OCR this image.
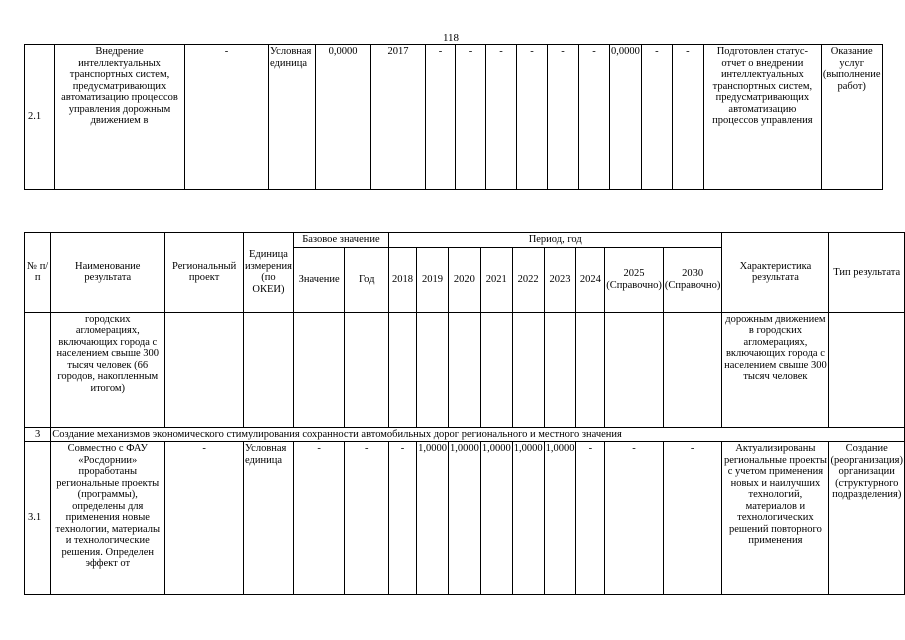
118
2.1	Внедрение интеллектуальных транспортных систем, предусматривающих автоматизацию процессов управления дорожным движением в	-	Условная единица	0,0000	2017	-	-	-	-	-	-	0,0000	-	-	Подготовлен статус-отчет о внедрении интеллектуальных транспортных систем, предусматривающих автоматизацию процессов управления	Оказание услуг (выполнение работ)
№ п/п	Наименование результата	Региональный проект	Единица измерения (по ОКЕИ)	Базовое значение		Период, год									Характеристика результата	Тип результата
				Значение	Год	2018	2019	2020	2021	2022	2023	2024	2025 (Справочно)	2030 (Справочно)		
	городских агломерациях, включающих города с населением свыше 300 тысяч человек (66 городов, накопленным итогом)														дорожным движением в городских агломерациях, включающих города с населением свыше 300 тысяч человек	
3	Создание механизмов экономического стимулирования сохранности автомобильных дорог регионального и местного значения															
3.1	Совместно с ФАУ «Росдорнии» проработаны региональные проекты (программы), определены для применения новые технологии, материалы и технологические решения. Определен эффект от	-	Условная единица	-	-	-	1,0000	1,0000	1,0000	1,0000	1,0000	-	-	-	Актуализированы региональные проекты с учетом применения новых и наилучших технологий, материалов и технологических решений повторного применения	Создание (реорганизация) организации (структурного подразделения)
